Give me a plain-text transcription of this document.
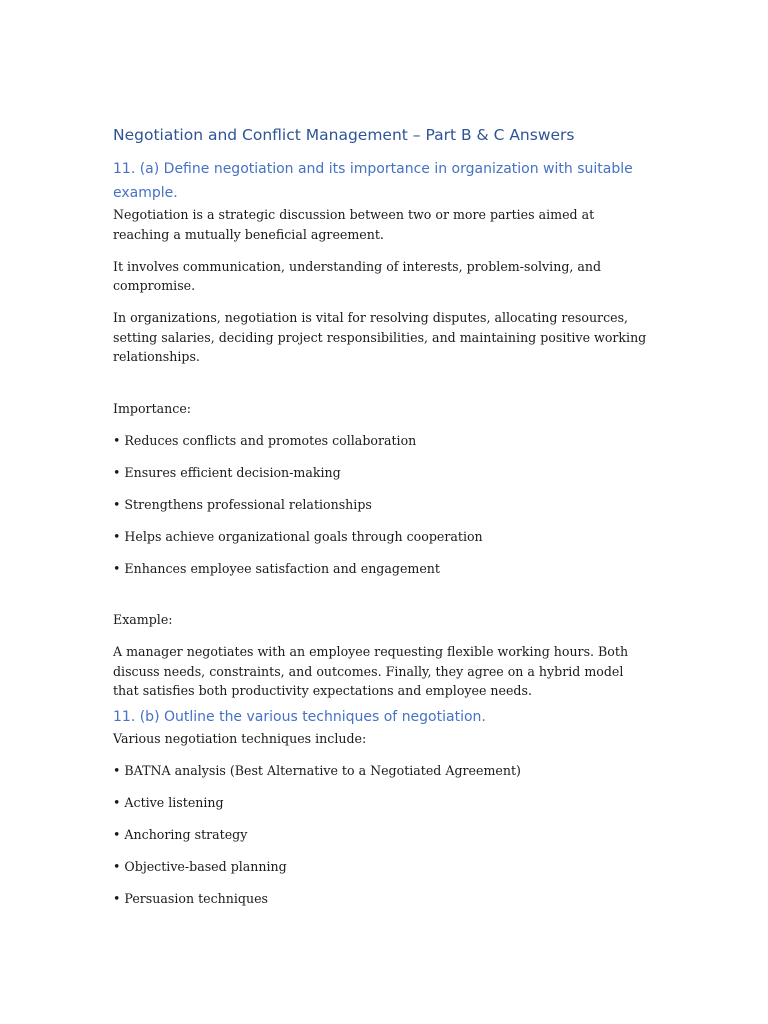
Negotiation and Conflict Management – Part B & C Answers
11. (a) Define negotiation and its importance in organization with suitable
example.

Negotiation is a strategic discussion between two or more parties aimed at reaching a mutually beneficial agreement.

It involves communication, understanding of interests, problem-solving, and compromise.

In organizations, negotiation is vital for resolving disputes, allocating resources, setting salaries, deciding project responsibilities, and maintaining positive working relationships.

Importance:

• Reduces conflicts and promotes collaboration

• Ensures efficient decision-making

• Strengthens professional relationships

• Helps achieve organizational goals through cooperation

• Enhances employee satisfaction and engagement

Example:

A manager negotiates with an employee requesting flexible working hours. Both discuss needs, constraints, and outcomes. Finally, they agree on a hybrid model that satisfies both productivity expectations and employee needs.

11. (b) Outline the various techniques of negotiation.

Various negotiation techniques include:

• BATNA analysis (Best Alternative to a Negotiated Agreement)

• Active listening

• Anchoring strategy

• Objective-based planning

• Persuasion techniques
